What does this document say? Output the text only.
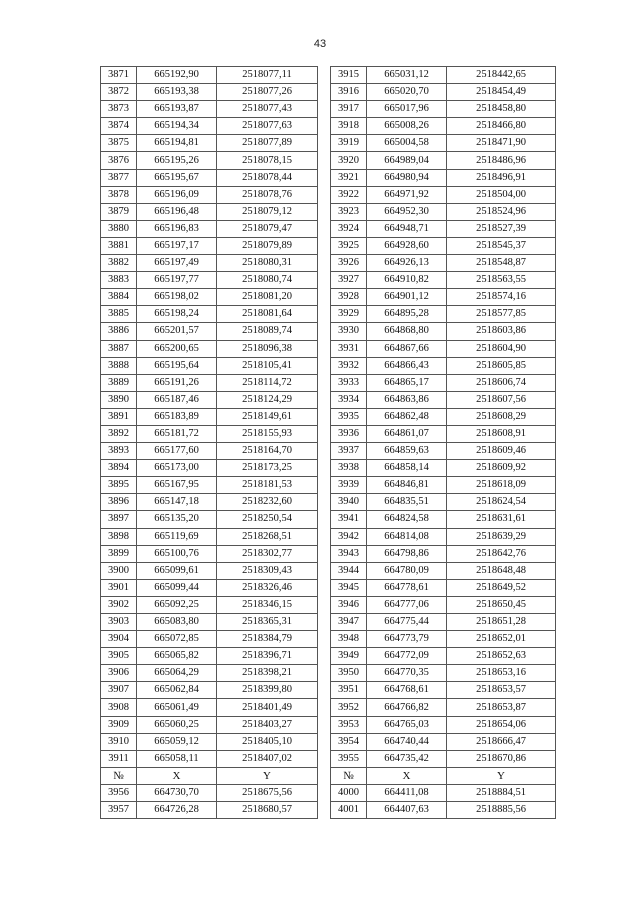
43
3871	665192,90	2518077,11		3915	665031,12	2518442,65
3872	665193,38	2518077,26		3916	665020,70	2518454,49
3873	665193,87	2518077,43		3917	665017,96	2518458,80
3874	665194,34	2518077,63		3918	665008,26	2518466,80
3875	665194,81	2518077,89		3919	665004,58	2518471,90
3876	665195,26	2518078,15		3920	664989,04	2518486,96
3877	665195,67	2518078,44		3921	664980,94	2518496,91
3878	665196,09	2518078,76		3922	664971,92	2518504,00
3879	665196,48	2518079,12		3923	664952,30	2518524,96
3880	665196,83	2518079,47		3924	664948,71	2518527,39
3881	665197,17	2518079,89		3925	664928,60	2518545,37
3882	665197,49	2518080,31		3926	664926,13	2518548,87
3883	665197,77	2518080,74		3927	664910,82	2518563,55
3884	665198,02	2518081,20		3928	664901,12	2518574,16
3885	665198,24	2518081,64		3929	664895,28	2518577,85
3886	665201,57	2518089,74		3930	664868,80	2518603,86
3887	665200,65	2518096,38		3931	664867,66	2518604,90
3888	665195,64	2518105,41		3932	664866,43	2518605,85
3889	665191,26	2518114,72		3933	664865,17	2518606,74
3890	665187,46	2518124,29		3934	664863,86	2518607,56
3891	665183,89	2518149,61		3935	664862,48	2518608,29
3892	665181,72	2518155,93		3936	664861,07	2518608,91
3893	665177,60	2518164,70		3937	664859,63	2518609,46
3894	665173,00	2518173,25		3938	664858,14	2518609,92
3895	665167,95	2518181,53		3939	664846,81	2518618,09
3896	665147,18	2518232,60		3940	664835,51	2518624,54
3897	665135,20	2518250,54		3941	664824,58	2518631,61
3898	665119,69	2518268,51		3942	664814,08	2518639,29
3899	665100,76	2518302,77		3943	664798,86	2518642,76
3900	665099,61	2518309,43		3944	664780,09	2518648,48
3901	665099,44	2518326,46		3945	664778,61	2518649,52
3902	665092,25	2518346,15		3946	664777,06	2518650,45
3903	665083,80	2518365,31		3947	664775,44	2518651,28
3904	665072,85	2518384,79		3948	664773,79	2518652,01
3905	665065,82	2518396,71		3949	664772,09	2518652,63
3906	665064,29	2518398,21		3950	664770,35	2518653,16
3907	665062,84	2518399,80		3951	664768,61	2518653,57
3908	665061,49	2518401,49		3952	664766,82	2518653,87
3909	665060,25	2518403,27		3953	664765,03	2518654,06
3910	665059,12	2518405,10		3954	664740,44	2518666,47
3911	665058,11	2518407,02		3955	664735,42	2518670,86
№	X	Y		№	X	Y
3956	664730,70	2518675,56		4000	664411,08	2518884,51
3957	664726,28	2518680,57		4001	664407,63	2518885,56
